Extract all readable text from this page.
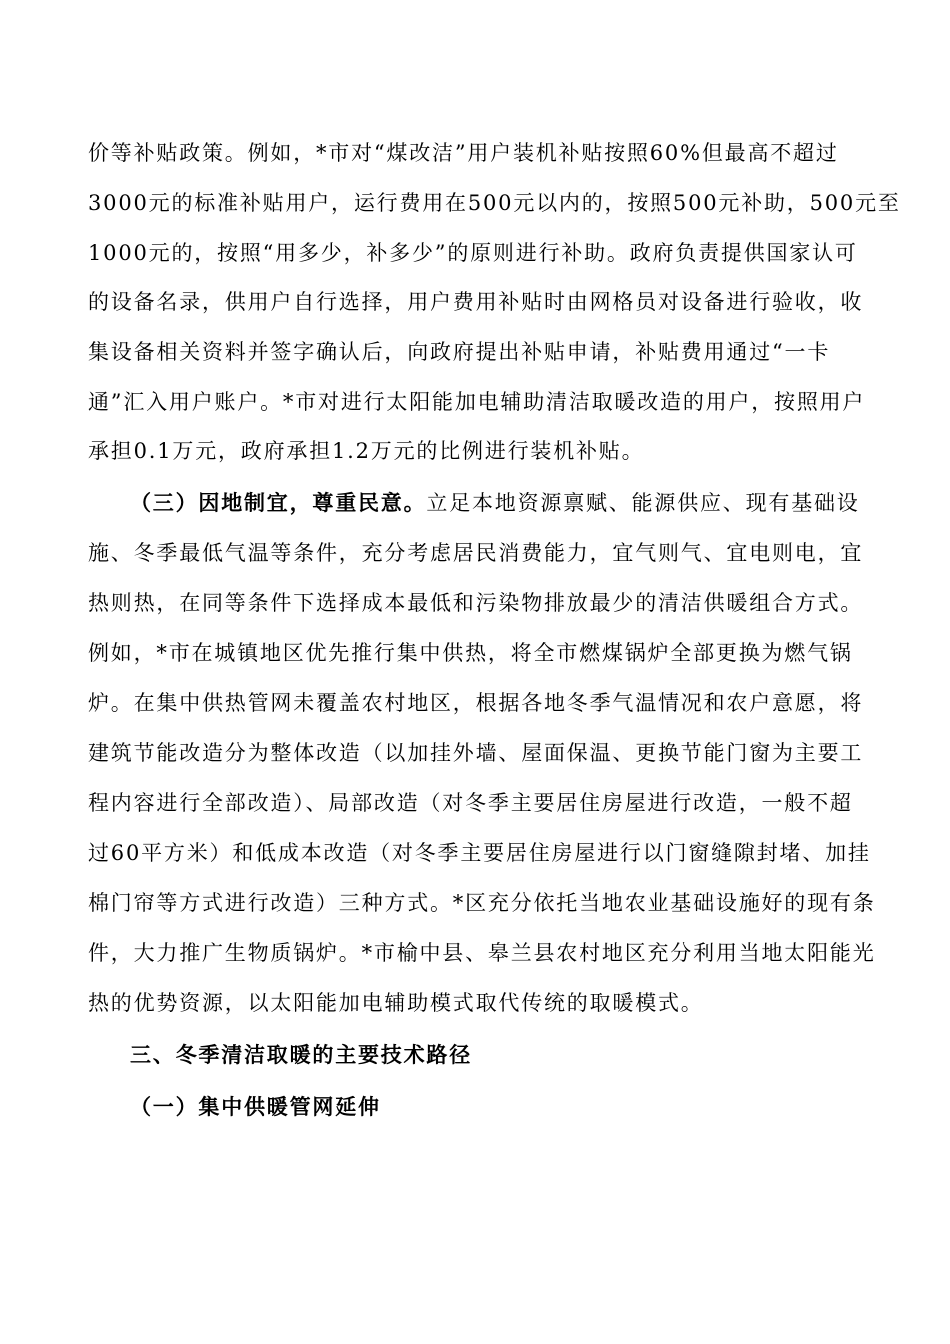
价等补贴政策。例如，*市对“煤改洁”用户装机补贴按照60%但最高不超过
3000元的标准补贴用户，运行费用在500元以内的，按照500元补助，500元至
1000元的，按照“用多少，补多少”的原则进行补助。政府负责提供国家认可
的设备名录，供用户自行选择，用户费用补贴时由网格员对设备进行验收，收
集设备相关资料并签字确认后，向政府提出补贴申请，补贴费用通过“一卡
通”汇入用户账户。*市对进行太阳能加电辅助清洁取暖改造的用户，按照用户
承担0.1万元，政府承担1.2万元的比例进行装机补贴。
（三）因地制宜，尊重民意。立足本地资源禀赋、能源供应、现有基础设
施、冬季最低气温等条件，充分考虑居民消费能力，宜气则气、宜电则电，宜
热则热，在同等条件下选择成本最低和污染物排放最少的清洁供暖组合方式。
例如，*市在城镇地区优先推行集中供热，将全市燃煤锅炉全部更换为燃气锅
炉。在集中供热管网未覆盖农村地区，根据各地冬季气温情况和农户意愿，将
建筑节能改造分为整体改造（以加挂外墙、屋面保温、更换节能门窗为主要工
程内容进行全部改造）、局部改造（对冬季主要居住房屋进行改造，一般不超
过60平方米）和低成本改造（对冬季主要居住房屋进行以门窗缝隙封堵、加挂
棉门帘等方式进行改造）三种方式。*区充分依托当地农业基础设施好的现有条
件，大力推广生物质锅炉。*市榆中县、皋兰县农村地区充分利用当地太阳能光
热的优势资源，以太阳能加电辅助模式取代传统的取暖模式。
三、冬季清洁取暖的主要技术路径
（一）集中供暖管网延伸
